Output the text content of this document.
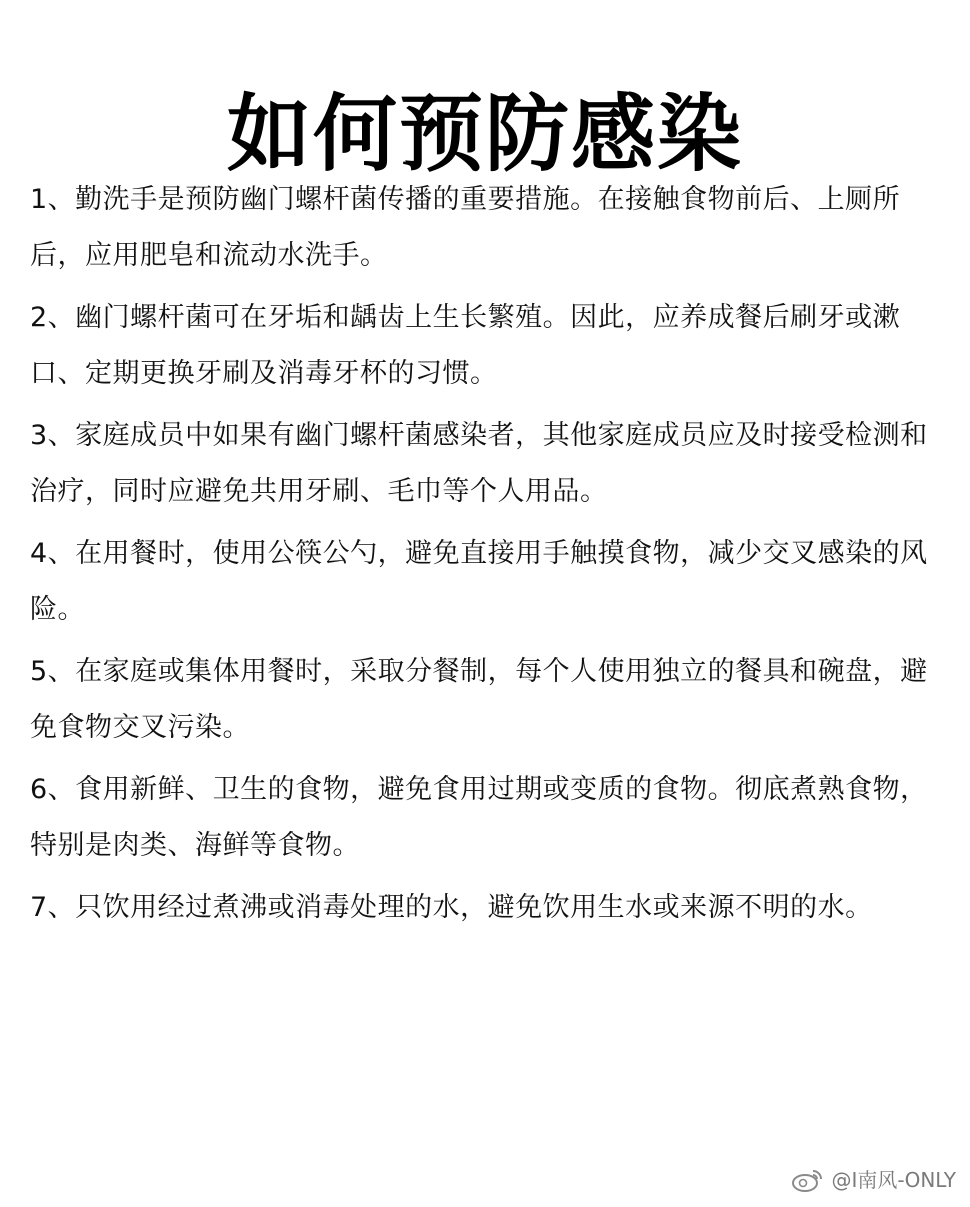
如何预防感染

1、勤洗手是预防幽门螺杆菌传播的重要措施。在接触食物前后、上厕所后，应用肥皂和流动水洗手。

2、幽门螺杆菌可在牙垢和龋齿上生长繁殖。因此，应养成餐后刷牙或漱口、定期更换牙刷及消毒牙杯的习惯。

3、家庭成员中如果有幽门螺杆菌感染者，其他家庭成员应及时接受检测和治疗，同时应避免共用牙刷、毛巾等个人用品。

4、在用餐时，使用公筷公勺，避免直接用手触摸食物，减少交叉感染的风险。

5、在家庭或集体用餐时，采取分餐制，每个人使用独立的餐具和碗盘，避免食物交叉污染。

6、食用新鲜、卫生的食物，避免食用过期或变质的食物。彻底煮熟食物，特别是肉类、海鲜等食物。

7、只饮用经过煮沸或消毒处理的水，避免饮用生水或来源不明的水。

@I南风-ONLY
